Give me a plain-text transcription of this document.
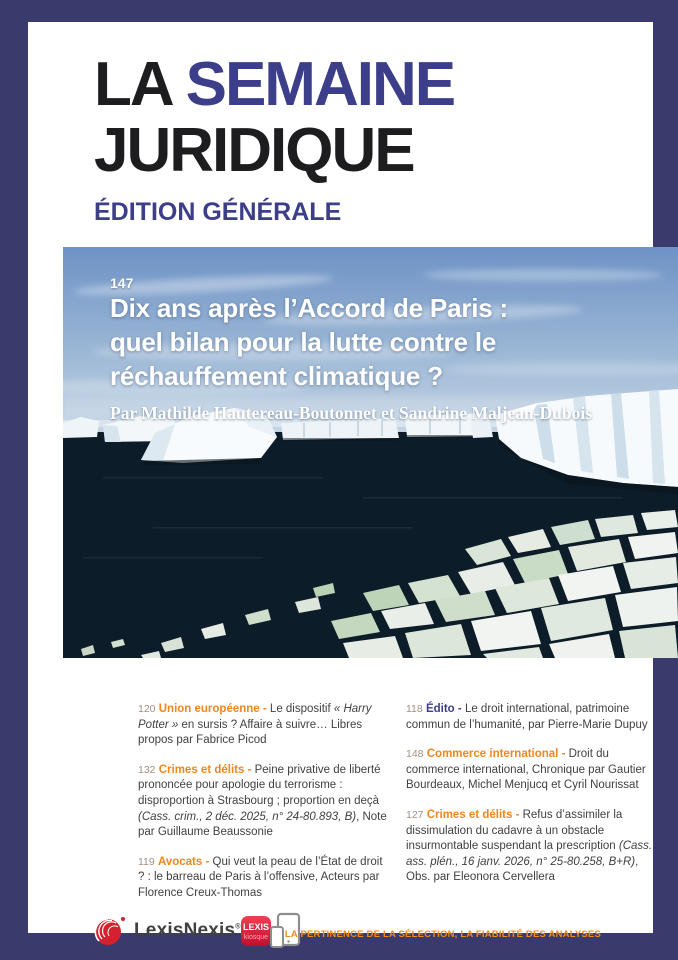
LA SEMAINE
JURIDIQUE
ÉDITION GÉNÉRALE

120 Union européenne - Le dispositif « Harry Potter » en sursis ? Affaire à suivre… Libres propos par Fabrice Picod

132 Crimes et délits - Peine privative de liberté prononcée pour apologie du terrorisme : disproportion à Strasbourg ; proportion en deçà (Cass. crim., 2 déc. 2025, n° 24-80.893, B), Note par Guillaume Beaussonie

119 Avocats - Qui veut la peau de l’État de droit ? : le barreau de Paris à l’offensive, Acteurs par Florence Creux-Thomas

118 Édito - Le droit international, patrimoine commun de l’humanité, par Pierre-Marie Dupuy

148 Commerce international - Droit du commerce international, Chronique par Gautier Bourdeaux, Michel Menjucq et Cyril Nourissat

127 Crimes et délits - Refus d’assimiler la dissimulation du cadavre à un obstacle insurmontable suspendant la prescription (Cass. ass. plén., 16 janv. 2026, n° 25-80.258, B+R), Obs. par Eleonora Cervellera

LexisNexis® LEXIS
kiosque LA PERTINENCE DE LA SÉLECTION, LA FIABILITÉ DES ANALYSES
147
Dix ans après l’Accord de Paris :
quel bilan pour la lutte contre le
réchauffement climatique ?
Par Mathilde Hautereau-Boutonnet et Sandrine Maljean-Dubois
